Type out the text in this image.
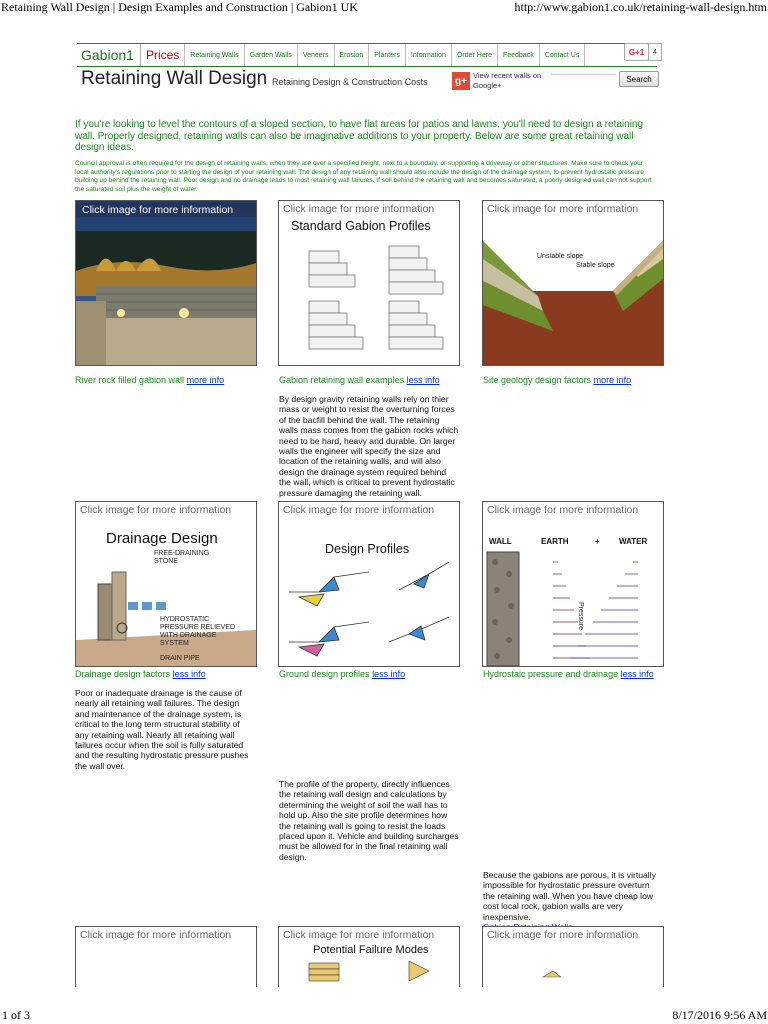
Retaining Wall Design | Design Examples and Construction | Gabion1 UK	http://www.gabion1.co.uk/retaining-wall-design.htm
Gabion1	Prices	Retaining Walls	Garden Walls	Veneers	Erosion	Planters	Information	Order Here	Feedback	Contact Us	G+1	4
Retaining Wall Design Retaining Design & Construction Costs	g+ View recent walls on Google+
Search
If you're looking to level the contours of a sloped section, to have flat areas for patios and lawns, you'll need to design a retaining wall. Properly designed, retaining walls can also be imaginative additions to your property. Below are some great retaining wall design ideas.
Council approval is often required for the design of retaining walls, when they are over a specified height, next to a boundary, or supporting a driveway or other structures. Make sure to check your local authority's regulations prior to starting the design of your retaining wall. The design of any retaining wall should also include the design of the drainage system, to prevent hydrostatic pressure building up behind the retaining wall. Poor design and no drainage leads to most retaining wall failures. If soil behind the retaining wall and becomes saturated, a poorly designed wall can not support the saturated soil plus the weight of water.
Click image for more information
River rock filled gabion wall more info
Click image for more information
Standard Gabion Profiles
Gabion retaining wall examples less info
By design gravity retaining walls rely on thier mass or weight to resist the overturning forces of the bacfill behind the wall. The retaining walls mass comes from the gabion rocks which need to be hard, heavy and durable. On larger walls the engineer will specify the size and location of the retaining walls, and will also design the drainage system required behind the wall, which is critical to prevent hydrostatic pressure damaging the retaining wall.
Click image for more information
Unstable slope
Stable slope
Site geology design factors more info
Click image for more information
Drainage Design
FREE-DRAINING
STONE
HYDROSTATIC
PRESSURE RELIEVED
WITH DRAINAGE
SYSTEM
DRAIN PIPE
Drainage design factors less info
Poor or inadequate drainage is the cause of nearly all retaining wall failures. The design and maintenance of the drainage system, is critical to the long term structural stability of any retaining wall. Nearly all retaining wall failures occur when the soil is fully saturated and the resulting hydrostatic pressure pushes the wall over.
Click image for more information
Design Profiles
Ground design profiles less info
The profile of the property, directly influences the retaining wall design and calculations by determining the weight of soil the wall has to hold up. Also the site profile determines how the retaining wall is going to resist the loads placed upon it. Vehicle and building surcharges must be allowed for in the final retaining wall design.
Click image for more information
WALL	EARTH	+ WATER
Pressure
Hydrostaic pressure and drainage less info
Because the gabions are porous, it is virtually impossible for hydrostatic pressure overturn the retaining wall. When you have cheap low cost local rock, gabion walls are very inexpensive.
Click image for more information	Click image for more information
Potential Failure Modes
Click image for more information
1 of 3	8/17/2016 9:56 AM
